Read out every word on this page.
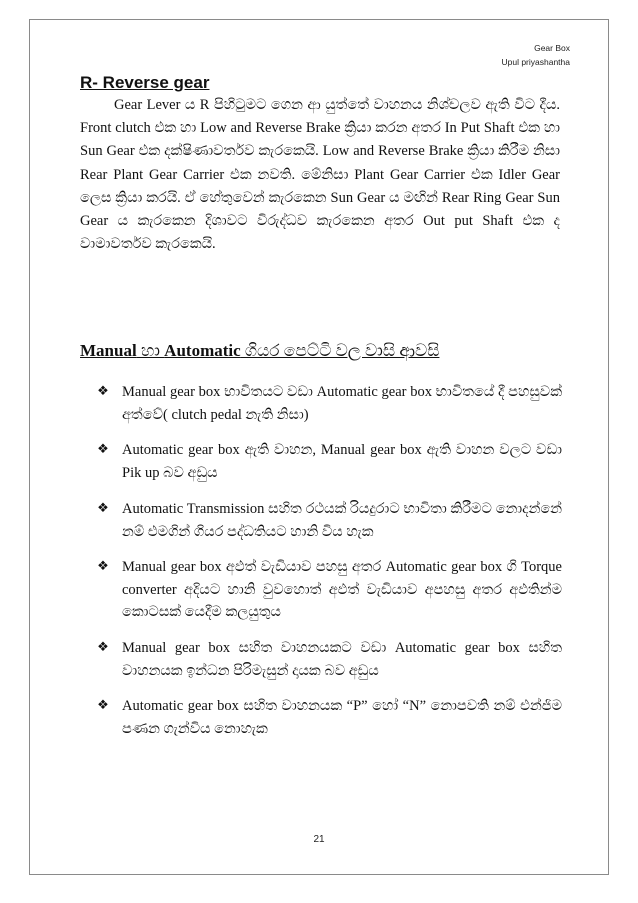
Gear Box
Upul priyashantha
R- Reverse gear
Gear Lever ය R පිහිටුමට ගෙන ආ යුත්තේ වාහනය නිශ්චලව ඇති විට දීය. Front clutch එක හා Low and Reverse Brake ක්‍රියා කරන අතර In Put Shaft එක හා Sun Gear එක දක්ෂිණාවර්තව කැරකෙයි. Low and Reverse Brake ක්‍රියා කිරීම නිසා Rear Plant Gear Carrier එක නවති. මේනිසා Plant Gear Carrier එක Idler Gear ලෙස ක්‍රියා කරයි. ඒ හේතුවෙන් කැරකෙන Sun Gear ය මඟින් Rear Ring Gear Sun Gear ය කැරකෙන දිශාවට විරුද්ධව කැරකෙන අතර Out put Shaft එක ද වාමාවර්තව කැරකෙයි.
Manual හා Automatic ගියර පෙට්ටි වල වාසි ආවසි
❖ Manual gear box භාවිතයට වඩා Automatic gear box භාවිතයේ දී පහසුවක් අත්වේ( clutch pedal නැති නිසා)
❖ Automatic gear box ඇති වාහන, Manual gear box ඇති වාහන වලට වඩා Pik up බව අඩුය
❖ Automatic Transmission සහිත රථයක් රියදුරාට භාවිතා කිරීමට නොදන්නේ නම් එමගින් ගියර පද්ධතියට හානි විය හැක
❖ Manual gear box අඵත් වැඩියාව පහසු අතර Automatic gear box ගි Torque converter අදියට හානි වුවහොත් අඵත් වැඩියාව අපහසු අතර අඵතින්ම කොටසක් යෙදීම කලයුතුය
❖ Manual gear box සහිත වාහනයකට වඩා Automatic gear box සහිත වාහනයක ඉන්ධන පිරිමැසුන් දායක බව අඩුය
❖ Automatic gear box සහිත වාහනයක “P” හෝ “N” නොපවති නම් එන්ජිම පණන ගැන්විය නොහැක
21
